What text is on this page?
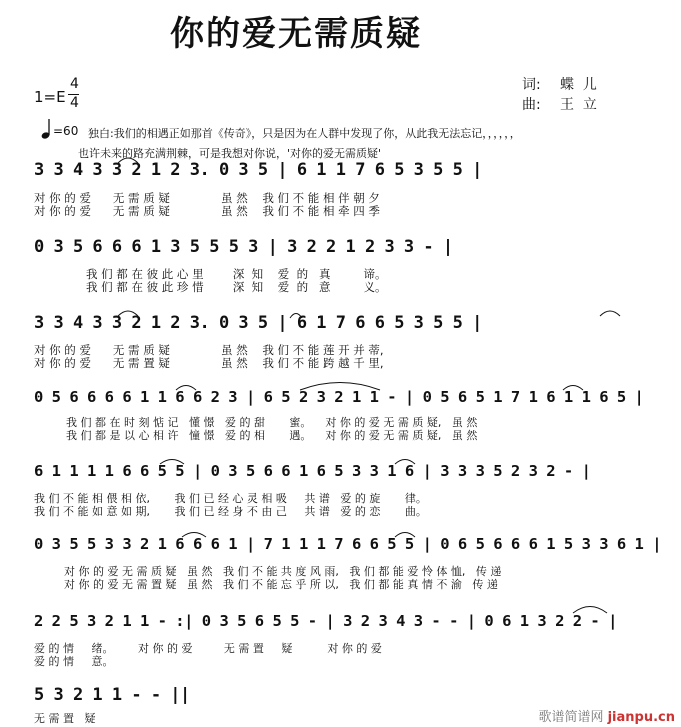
你的爱无需质疑
1=E
4
4
词: 蝶  儿
曲: 王  立
=60 独白:我们的相遇正如那首《传奇》，只是因为在人群中发现了你，从此我无法忘记，，，，，，
也许未来的路充满荆棘，可是我想对你说，'对你的爱无需质疑'
3 3 4 3 3 2 1 2 3. 0 3 5 | 6 1 1 7 6 5 3 5 5 |
对 你 的 爱      无 需 质 疑              虽 然    我 们 不 能 相 伴 朝 夕
对 你 的 爱      无 需 质 疑              虽 然    我 们 不 能 相 牵 四 季
0 3 5 6 6 6 1 3 5 5 5 3 | 3 2 2 1 2 3 3 - |
我 们 都 在 彼 此 心 里        深  知    爱  的   真         谛。
我 们 都 在 彼 此 珍 惜        深  知    爱  的   意         义。
3 3 4 3 3 2 1 2 3. 0 3 5 | 6 1 7 6 6 5 3 5 5 |
对 你 的 爱      无 需 质 疑              虽 然    我 们 不 能 莲 开 并 蒂,
对 你 的 爱      无 需 置 疑              虽 然    我 们 不 能 跨 越 千 里,
0 5 6 6 6 6 1 1 6 6 2 3 | 6 5 2 3 2 1 1 - | 0 5 6 5 1 7 1 6 1 1 6 5 |
我 们 都 在 时 刻 惦 记   懂 憬   爱 的 甜       蜜。    对 你 的 爱 无 需 质 疑,   虽 然
我 们 都 是 以 心 相 许   憧 憬   爱 的 相       遇。    对 你 的 爱 无 需 质 疑,   虽 然
6 1 1 1 1 6 6 5 5 | 0 3 5 6 6 1 6 5 3 3 1 6 | 3 3 3 5 2 3 2 - |
我 们 不 能 相 偎 相 依,       我 们 已 经 心 灵 相 吸     共 谱   爱 的 旋       律。
我 们 不 能 如 意 如 期,       我 们 已 经 身 不 由 己     共 谱   爱 的 恋       曲。
0 3 5 5 3 3 2 1 6 6 6 1 | 7 1 1 1 7 6 6 5 5 | 0 6 5 6 6 6 1 5 3 3 6 1 |
对 你 的 爱 无 需 质 疑   虽 然   我 们 不 能 共 度 风 雨,   我 们 都 能 爱 怜 体 恤,   传 递
对 你 的 爱 无 需 置 疑   虽 然   我 们 不 能 忘 乎 所 以,   我 们 都 能 真 情 不 渝   传 递
2 2 5 3 2 1 1 - :| 0 3 5 6 5 5 - | 3 2 3 4 3 - - | 0 6 1 3 2 2 - |
爱 的 情     绪。       对 你 的 爱         无 需 置     疑          对 你 的 爱
爱 的 情     意。
5 3 2 1 1 - - ||
无 需 置   疑	歌谱简谱网 jianpu.cn
